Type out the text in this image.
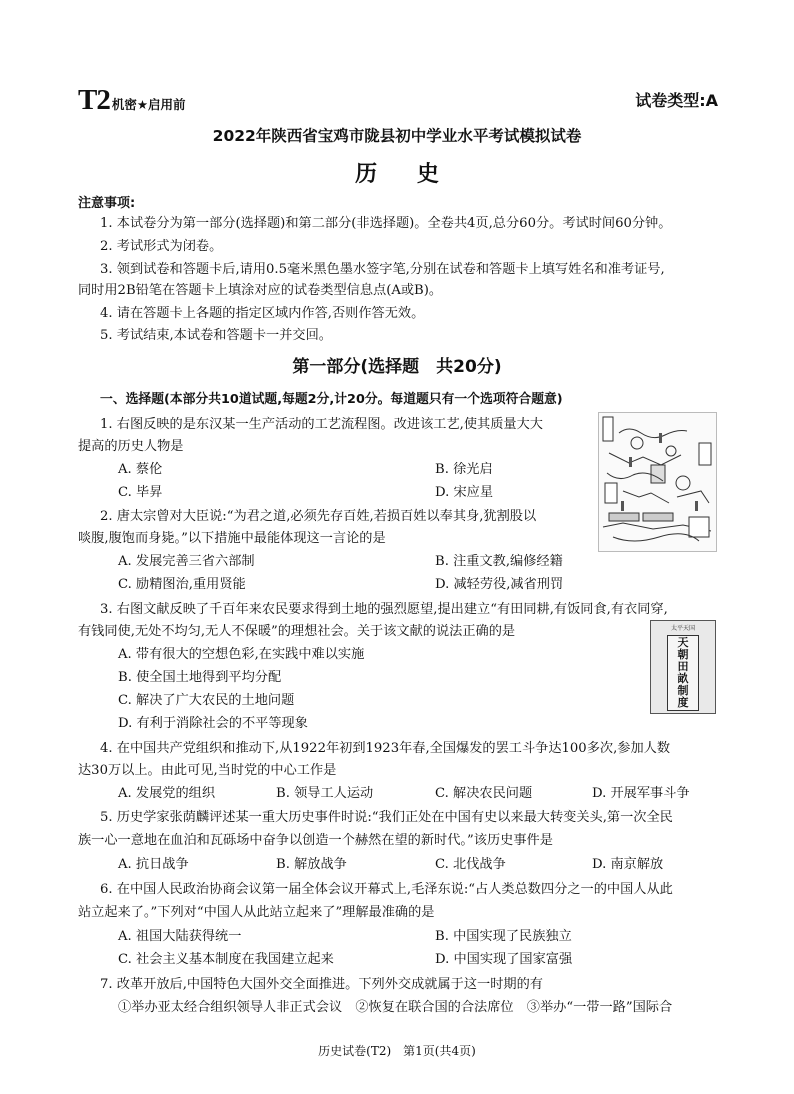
T2 机密★启用前	试卷类型:A
2022年陕西省宝鸡市陇县初中学业水平考试模拟试卷
历 史
注意事项:
1. 本试卷分为第一部分(选择题)和第二部分(非选择题)。全卷共4页,总分60分。考试时间60分钟。
2. 考试形式为闭卷。
3. 领到试卷和答题卡后,请用0.5毫米黑色墨水签字笔,分别在试卷和答题卡上填写姓名和准考证号,
同时用2B铅笔在答题卡上填涂对应的试卷类型信息点(A或B)。
4. 请在答题卡上各题的指定区域内作答,否则作答无效。
5. 考试结束,本试卷和答题卡一并交回。
第一部分(选择题　共20分)
一、选择题(本部分共10道试题,每题2分,计20分。每道题只有一个选项符合题意)
1. 右图反映的是东汉某一生产活动的工艺流程图。改进该工艺,使其质量大大
提高的历史人物是
A. 蔡伦	B. 徐光启
C. 毕昇	D. 宋应星
2. 唐太宗曾对大臣说:“为君之道,必须先存百姓,若损百姓以奉其身,犹割股以
啖腹,腹饱而身毙。”以下措施中最能体现这一言论的是
A. 发展完善三省六部制	B. 注重文教,编修经籍
C. 励精图治,重用贤能	D. 减轻劳役,减省刑罚
3. 右图文献反映了千百年来农民要求得到土地的强烈愿望,提出建立“有田同耕,有饭同食,有衣同穿,
有钱同使,无处不均匀,无人不保暖”的理想社会。关于该文献的说法正确的是
A. 带有很大的空想色彩,在实践中难以实施
B. 使全国土地得到平均分配
C. 解决了广大农民的土地问题
D. 有利于消除社会的不平等现象
太平天国
天
朝
田
畝
制
度
4. 在中国共产党组织和推动下,从1922年初到1923年春,全国爆发的罢工斗争达100多次,参加人数
达30万以上。由此可见,当时党的中心工作是
A. 发展党的组织	B. 领导工人运动	C. 解决农民问题	D. 开展军事斗争
5. 历史学家张荫麟评述某一重大历史事件时说:“我们正处在中国有史以来最大转变关头,第一次全民
族一心一意地在血泊和瓦砾场中奋争以创造一个赫然在望的新时代。”该历史事件是
A. 抗日战争	B. 解放战争	C. 北伐战争	D. 南京解放
6. 在中国人民政治协商会议第一届全体会议开幕式上,毛泽东说:“占人类总数四分之一的中国人从此
站立起来了。”下列对“中国人从此站立起来了”理解最准确的是
A. 祖国大陆获得统一	B. 中国实现了民族独立
C. 社会主义基本制度在我国建立起来	D. 中国实现了国家富强
7. 改革开放后,中国特色大国外交全面推进。下列外交成就属于这一时期的有
①举办亚太经合组织领导人非正式会议　②恢复在联合国的合法席位　③举办“一带一路”国际合
历史试卷(T2)　第1页(共4页)
